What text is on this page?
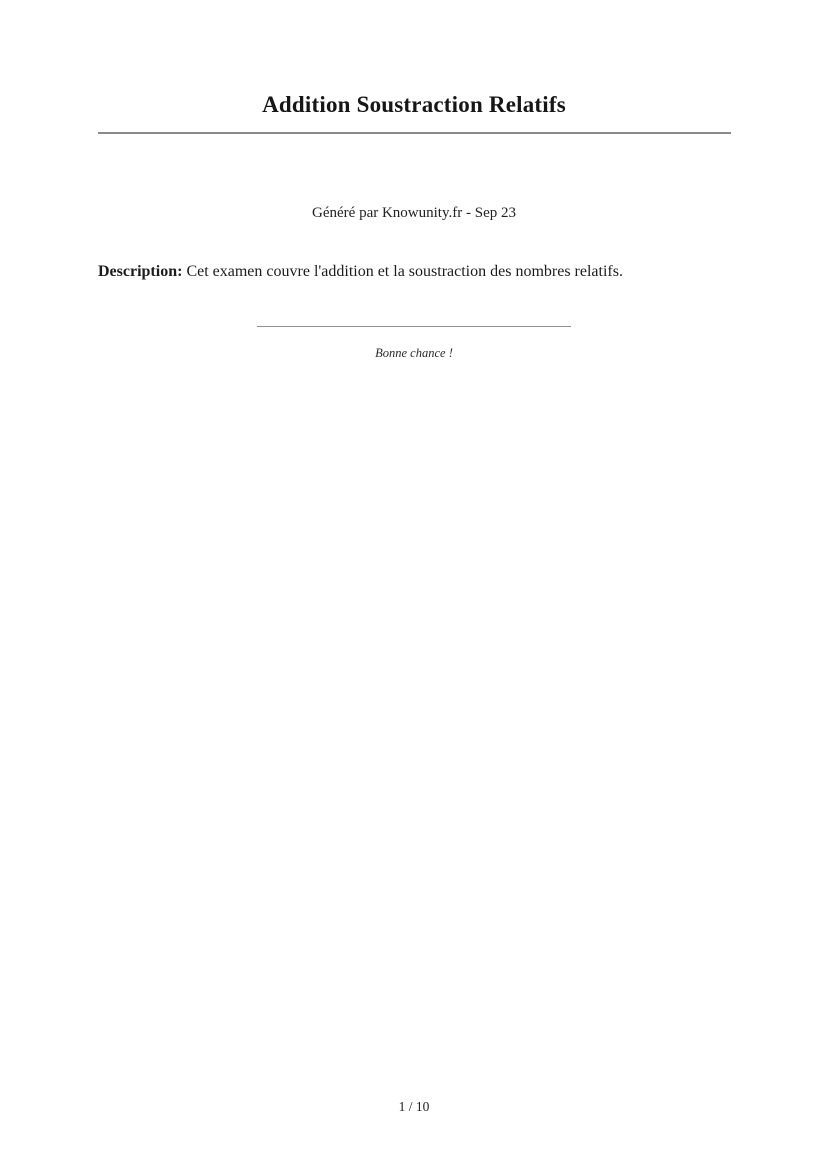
Addition Soustraction Relatifs
Généré par Knowunity.fr - Sep 23

Description: Cet examen couvre l'addition et la soustraction des nombres relatifs.

Bonne chance !
1 / 10
